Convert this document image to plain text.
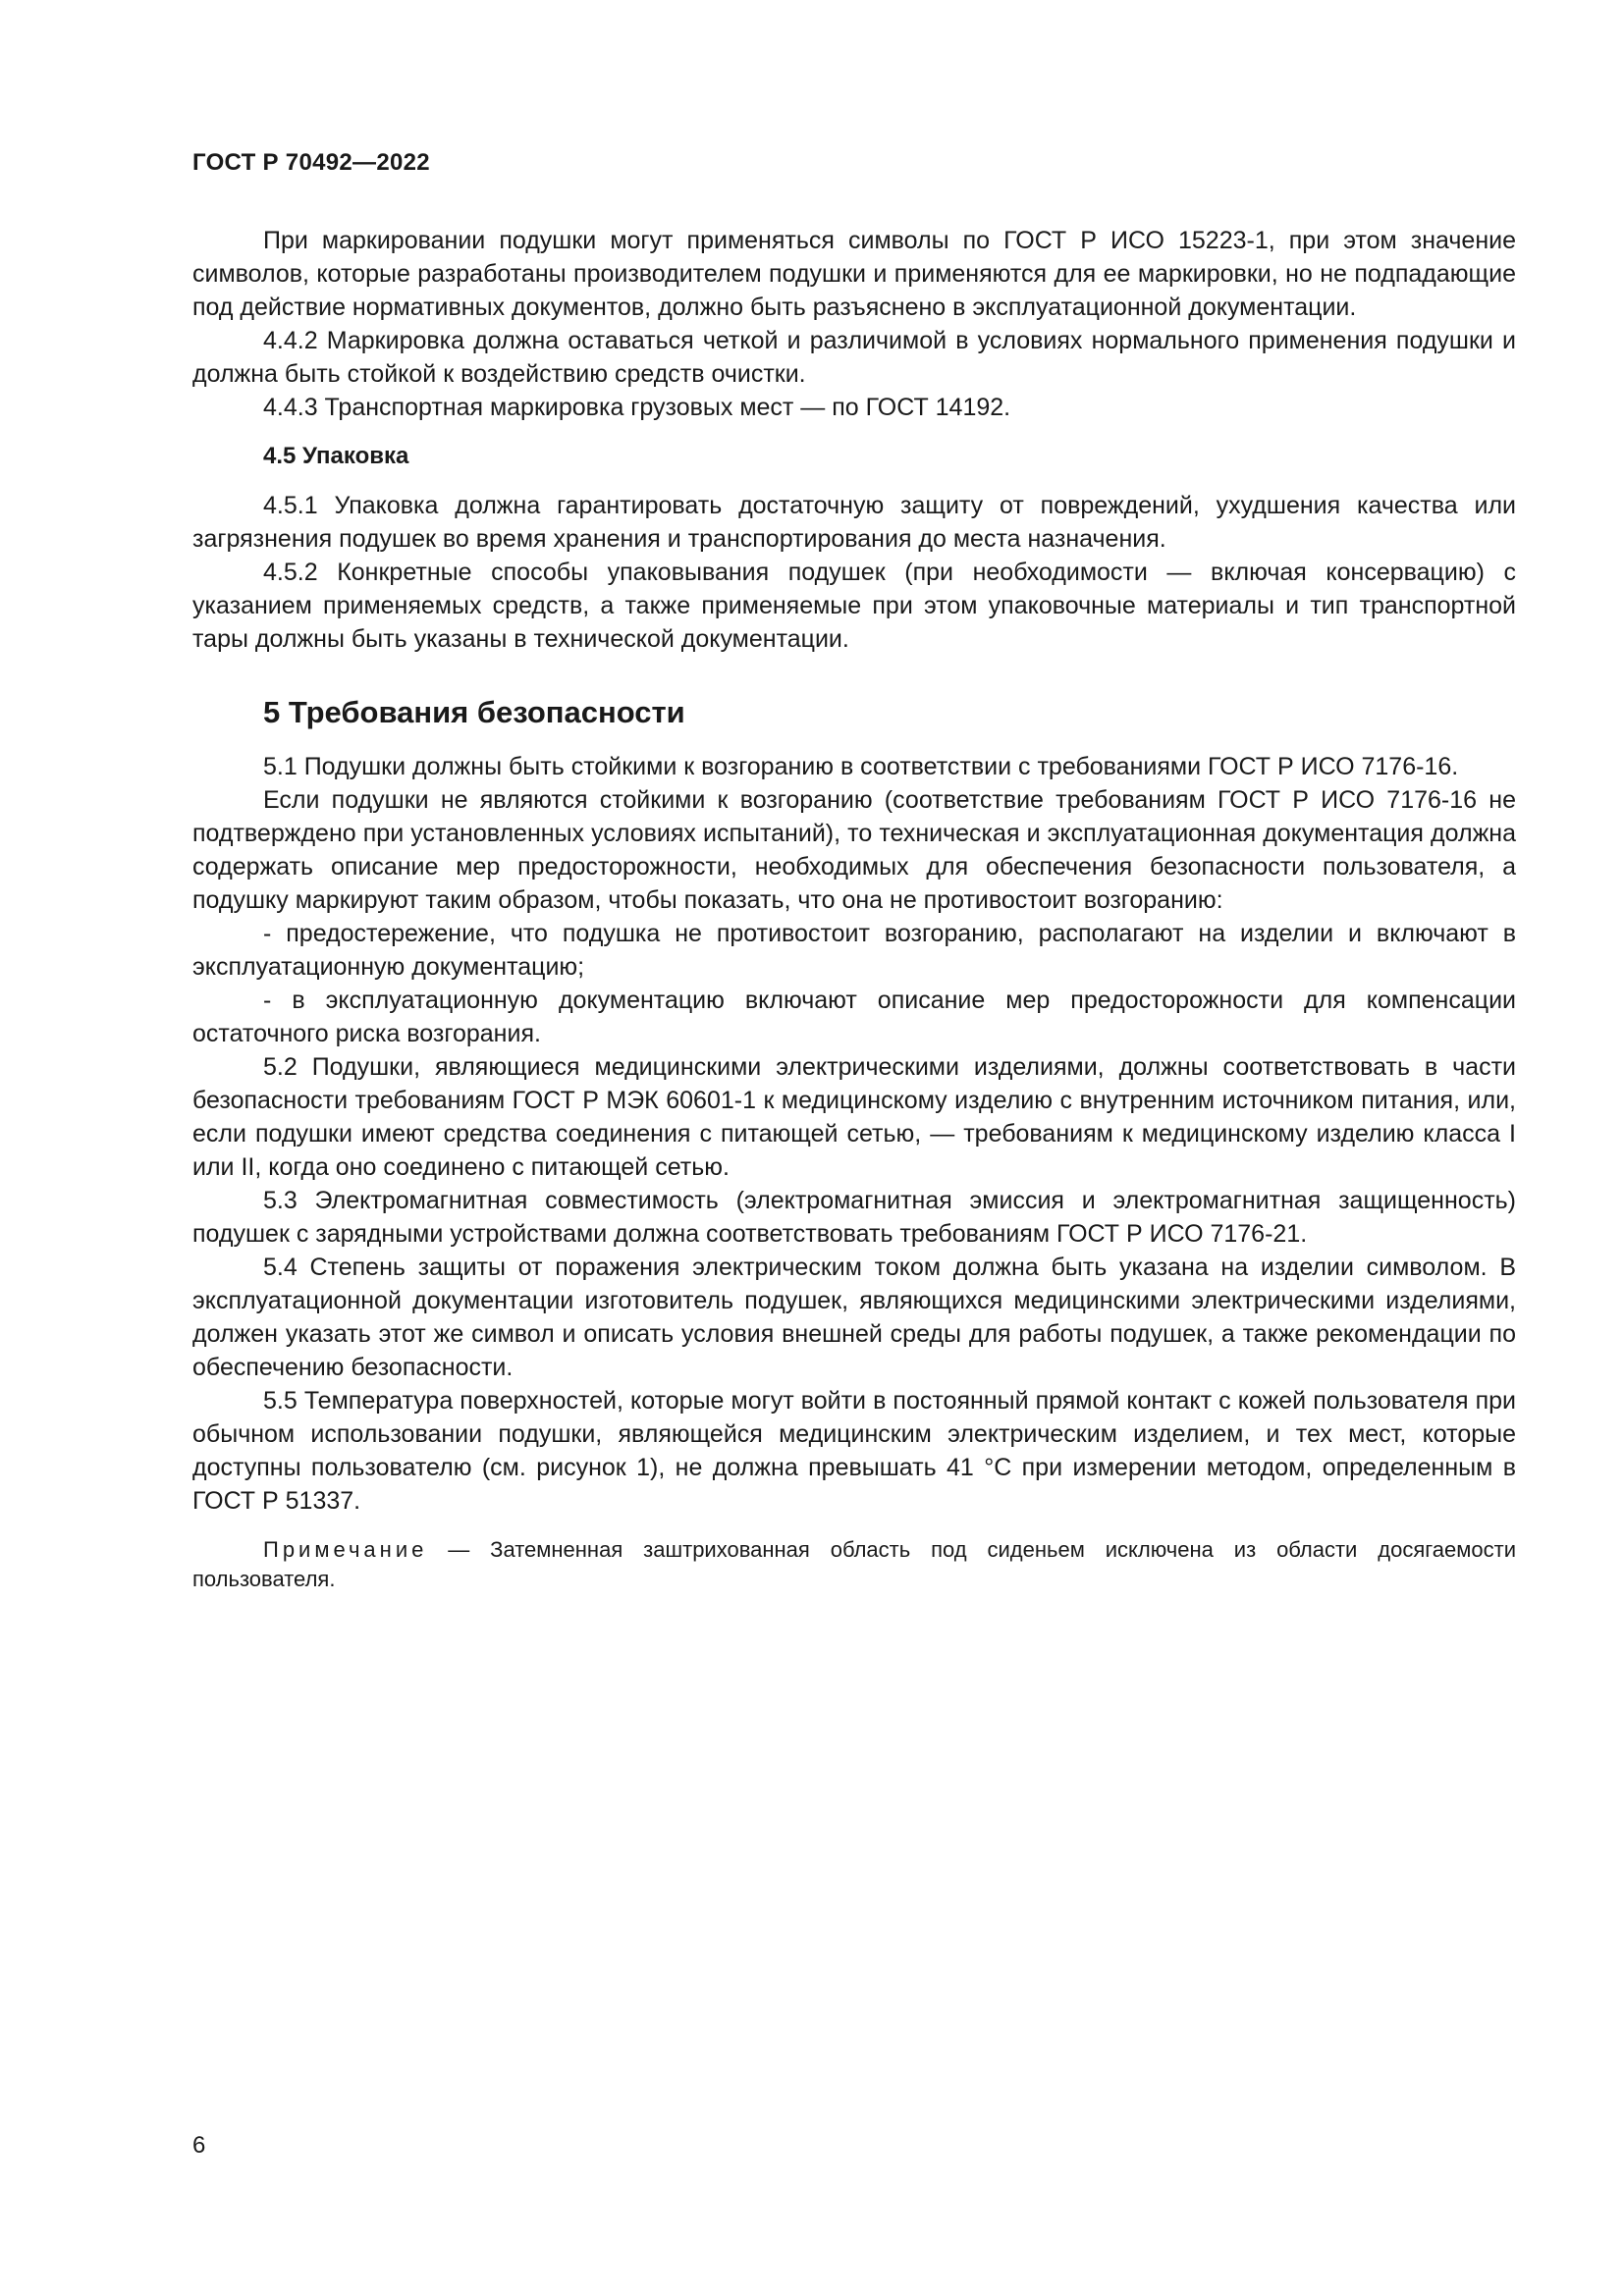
ГОСТ Р 70492—2022

При маркировании подушки могут применяться символы по ГОСТ Р ИСО 15223-1, при этом значение символов, которые разработаны производителем подушки и применяются для ее маркировки, но не подпадающие под действие нормативных документов, должно быть разъяснено в эксплуатационной документации.

4.4.2 Маркировка должна оставаться четкой и различимой в условиях нормального применения подушки и должна быть стойкой к воздействию средств очистки.

4.4.3 Транспортная маркировка грузовых мест — по ГОСТ 14192.

4.5 Упаковка

4.5.1 Упаковка должна гарантировать достаточную защиту от повреждений, ухудшения качества или загрязнения подушек во время хранения и транспортирования до места назначения.

4.5.2 Конкретные способы упаковывания подушек (при необходимости — включая консервацию) с указанием применяемых средств, а также применяемые при этом упаковочные материалы и тип транспортной тары должны быть указаны в технической документации.

5 Требования безопасности

5.1 Подушки должны быть стойкими к возгоранию в соответствии с требованиями ГОСТ Р ИСО 7176-16.

Если подушки не являются стойкими к возгоранию (соответствие требованиям ГОСТ Р ИСО 7176-16 не подтверждено при установленных условиях испытаний), то техническая и эксплуатационная документация должна содержать описание мер предосторожности, необходимых для обеспечения безопасности пользователя, а подушку маркируют таким образом, чтобы показать, что она не противостоит возгоранию:

- предостережение, что подушка не противостоит возгоранию, располагают на изделии и включают в эксплуатационную документацию;

- в эксплуатационную документацию включают описание мер предосторожности для компенсации остаточного риска возгорания.

5.2 Подушки, являющиеся медицинскими электрическими изделиями, должны соответствовать в части безопасности требованиям ГОСТ Р МЭК 60601-1 к медицинскому изделию с внутренним источником питания, или, если подушки имеют средства соединения с питающей сетью, — требованиям к медицинскому изделию класса I или II, когда оно соединено с питающей сетью.

5.3 Электромагнитная совместимость (электромагнитная эмиссия и электромагнитная защищенность) подушек с зарядными устройствами должна соответствовать требованиям ГОСТ Р ИСО 7176-21.

5.4 Степень защиты от поражения электрическим током должна быть указана на изделии символом. В эксплуатационной документации изготовитель подушек, являющихся медицинскими электрическими изделиями, должен указать этот же символ и описать условия внешней среды для работы подушек, а также рекомендации по обеспечению безопасности.

5.5 Температура поверхностей, которые могут войти в постоянный прямой контакт с кожей пользователя при обычном использовании подушки, являющейся медицинским электрическим изделием, и тех мест, которые доступны пользователю (см. рисунок 1), не должна превышать 41 °С при измерении методом, определенным в ГОСТ Р 51337.

Примечание — Затемненная заштрихованная область под сиденьем исключена из области досягаемости пользователя.
6
